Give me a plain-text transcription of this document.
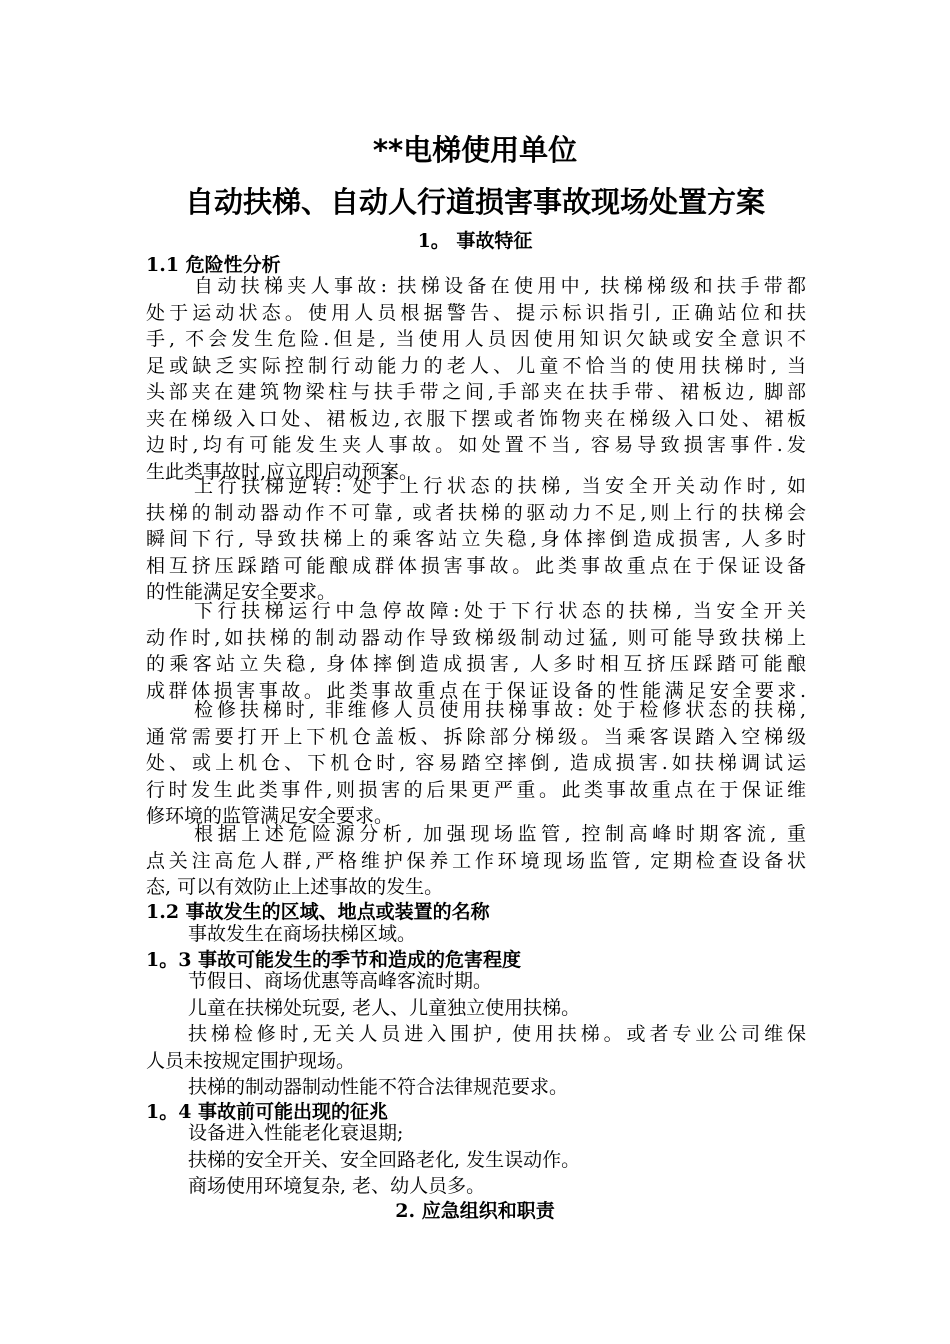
**电梯使用单位
自动扶梯、自动人行道损害事故现场处置方案
1。 事故特征
1.1 危险性分析
自动扶梯夹人事故: 扶梯设备在使用中, 扶梯梯级和扶手带都
处于运动状态。使用人员根据警告、提示标识指引, 正确站位和扶
手, 不会发生危险.但是, 当使用人员因使用知识欠缺或安全意识不
足或缺乏实际控制行动能力的老人、儿童不恰当的使用扶梯时, 当
头部夹在建筑物梁柱与扶手带之间,手部夹在扶手带、裙板边, 脚部
夹在梯级入口处、裙板边,衣服下摆或者饰物夹在梯级入口处、裙板
边时,均有可能发生夹人事故。如处置不当, 容易导致损害事件.发
生此类事故时,应立即启动预案。
上行扶梯逆转: 处于上行状态的扶梯, 当安全开关动作时, 如
扶梯的制动器动作不可靠, 或者扶梯的驱动力不足,则上行的扶梯会
瞬间下行, 导致扶梯上的乘客站立失稳,身体摔倒造成损害, 人多时
相互挤压踩踏可能酿成群体损害事故。此类事故重点在于保证设备
的性能满足安全要求。
下行扶梯运行中急停故障:处于下行状态的扶梯, 当安全开关
动作时,如扶梯的制动器动作导致梯级制动过猛, 则可能导致扶梯上
的乘客站立失稳, 身体摔倒造成损害, 人多时相互挤压踩踏可能酿
成群体损害事故。此类事故重点在于保证设备的性能满足安全要求.
检修扶梯时, 非维修人员使用扶梯事故: 处于检修状态的扶梯,
通常需要打开上下机仓盖板、拆除部分梯级。当乘客误踏入空梯级
处、或上机仓、下机仓时, 容易踏空摔倒, 造成损害.如扶梯调试运
行时发生此类事件,则损害的后果更严重。此类事故重点在于保证维
修环境的监管满足安全要求。
根据上述危险源分析, 加强现场监管, 控制高峰时期客流, 重
点关注高危人群,严格维护保养工作环境现场监管, 定期检查设备状
态, 可以有效防止上述事故的发生。
1.2 事故发生的区域、地点或装置的名称
事故发生在商场扶梯区域。
1。3 事故可能发生的季节和造成的危害程度
节假日、商场优惠等高峰客流时期。
儿童在扶梯处玩耍, 老人、儿童独立使用扶梯。
扶梯检修时,无关人员进入围护, 使用扶梯。或者专业公司维保
人员未按规定围护现场。
扶梯的制动器制动性能不符合法律规范要求。
1。4 事故前可能出现的征兆
设备进入性能老化衰退期;
扶梯的安全开关、安全回路老化, 发生误动作。
商场使用环境复杂, 老、幼人员多。
2. 应急组织和职责
